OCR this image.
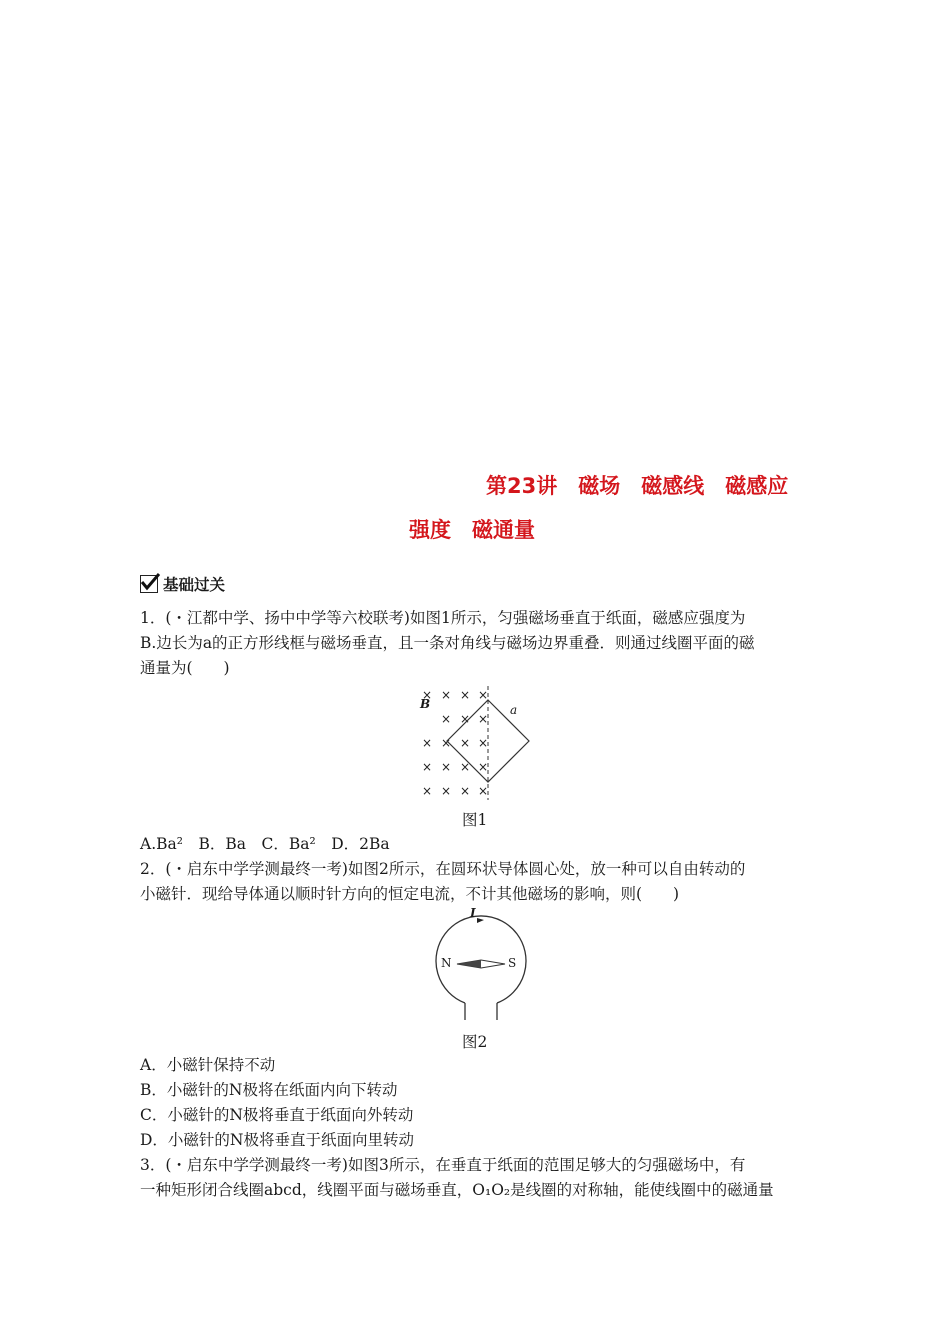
第23讲　磁场　磁感线　磁感应
强度　磁通量
基础过关
1．(・江都中学、扬中中学等六校联考)如图1所示，匀强磁场垂直于纸面，磁感应强度为
B.边长为a的正方形线框与磁场垂直，且一条对角线与磁场边界重叠．则通过线圈平面的磁
通量为(　　)
× × × ×
× × ×
× × × ×
× × × ×
× × × ×
B	a
图1
A.Ba²　B．Ba　C．Ba²　D．2Ba
2．(・启东中学学测最终一考)如图2所示，在圆环状导体圆心处，放一种可以自由转动的
小磁针．现给导体通以顺时针方向的恒定电流，不计其他磁场的影响，则(　　)
I
N	S
图2
A．小磁针保持不动
B．小磁针的N极将在纸面内向下转动
C．小磁针的N极将垂直于纸面向外转动
D．小磁针的N极将垂直于纸面向里转动
3．(・启东中学学测最终一考)如图3所示，在垂直于纸面的范围足够大的匀强磁场中，有
一种矩形闭合线圈abcd，线圈平面与磁场垂直，O₁O₂是线圈的对称轴，能使线圈中的磁通量
